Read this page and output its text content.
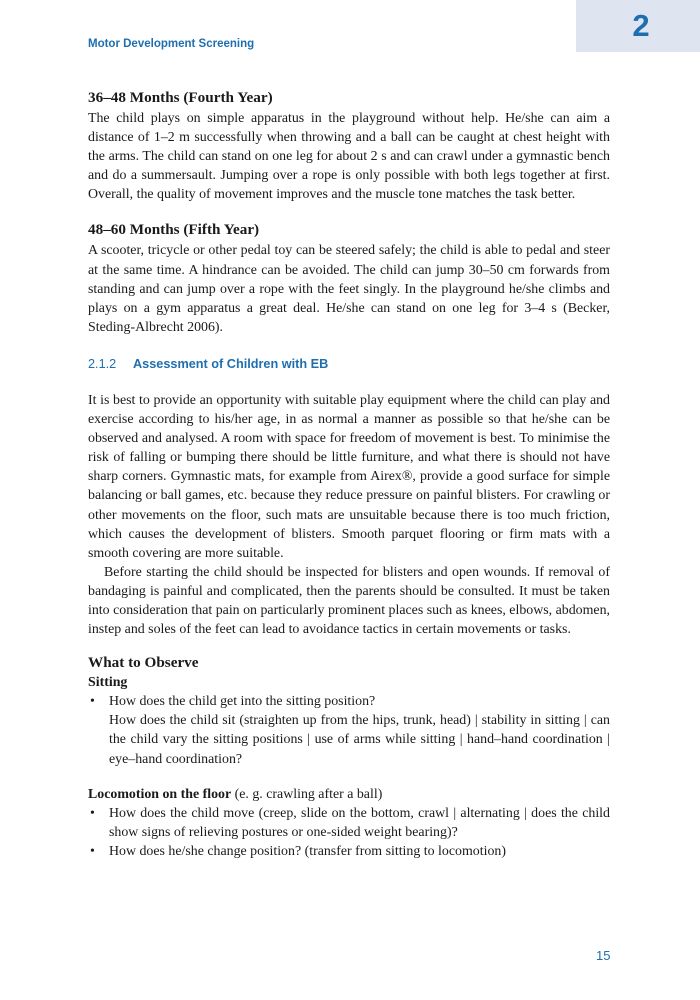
2
Motor Development Screening
36–48 Months (Fourth Year)

The child plays on simple apparatus in the playground without help. He/she can aim a distance of 1–2 m successfully when throwing and a ball can be caught at chest height with the arms. The child can stand on one leg for about 2 s and can crawl under a gymnastic bench and do a summersault. Jumping over a rope is only possible with both legs together at first. Overall, the quality of movement improves and the muscle tone matches the task better.

48–60 Months (Fifth Year)

A scooter, tricycle or other pedal toy can be steered safely; the child is able to pedal and steer at the same time. A hindrance can be avoided. The child can jump 30–50 cm forwards from standing and can jump over a rope with the feet singly. In the playground he/she climbs and plays on a gym apparatus a great deal. He/she can stand on one leg for 3–4 s (Becker, Steding-Albrecht 2006).

2.1.2 Assessment of Children with EB

It is best to provide an opportunity with suitable play equipment where the child can play and exercise according to his/her age, in as normal a manner as possible so that he/she can be observed and analysed. A room with space for freedom of movement is best. To minimise the risk of falling or bumping there should be little furniture, and what there is should not have sharp corners. Gymnastic mats, for example from Airex®, provide a good surface for simple balancing or ball games, etc. because they reduce pressure on painful blisters. For crawling or other movements on the floor, such mats are unsuitable because there is too much friction, which causes the development of blisters. Smooth parquet flooring or firm mats with a smooth covering are more suitable.

Before starting the child should be inspected for blisters and open wounds. If removal of bandaging is painful and complicated, then the parents should be consulted. It must be taken into consideration that pain on particularly prominent places such as knees, elbows, abdomen, instep and soles of the feet can lead to avoidance tactics in certain movements or tasks.

What to Observe
Sitting
• How does the child get into the sitting position?
How does the child sit (straighten up from the hips, trunk, head) | stability in sitting | can the child vary the sitting positions | use of arms while sitting | hand–hand coordination | eye–hand coordination?
Locomotion on the floor (e. g. crawling after a ball)
• How does the child move (creep, slide on the bottom, crawl | alternating | does the child show signs of relieving postures or one-sided weight bearing)?
• How does he/she change position? (transfer from sitting to locomotion)
15
